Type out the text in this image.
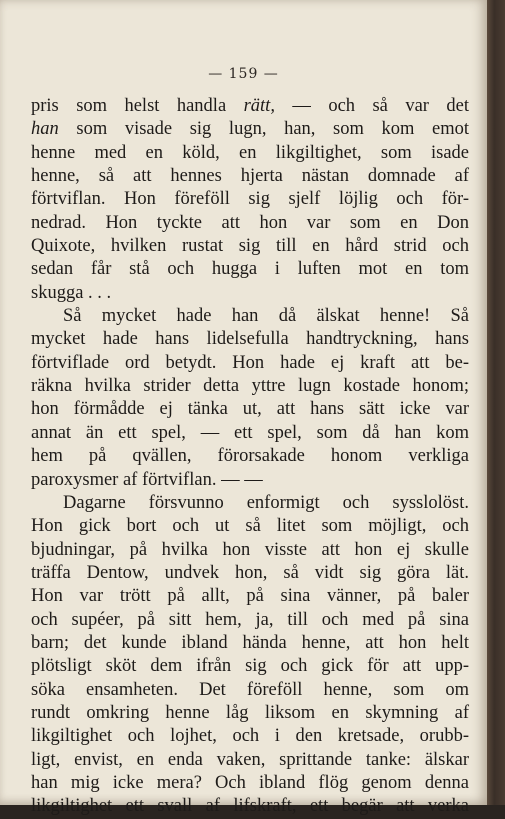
— 159 —
pris som helst handla rätt, — och så var det
han som visade sig lugn, han, som kom emot
henne med en köld, en likgiltighet, som isade
henne, så att hennes hjerta nästan domnade af
förtviflan. Hon föreföll sig sjelf löjlig och för-
nedrad. Hon tyckte att hon var som en Don
Quixote, hvilken rustat sig till en hård strid och
sedan får stå och hugga i luften mot en tom
skugga . . .
Så mycket hade han då älskat henne! Så
mycket hade hans lidelsefulla handtryckning, hans
förtviflade ord betydt. Hon hade ej kraft att be-
räkna hvilka strider detta yttre lugn kostade honom;
hon förmådde ej tänka ut, att hans sätt icke var
annat än ett spel, — ett spel, som då han kom
hem på qvällen, förorsakade honom verkliga
paroxysmer af förtviflan. — —
Dagarne försvunno enformigt och sysslolöst.
Hon gick bort och ut så litet som möjligt, och
bjudningar, på hvilka hon visste att hon ej skulle
träffa Dentow, undvek hon, så vidt sig göra lät.
Hon var trött på allt, på sina vänner, på baler
och supéer, på sitt hem, ja, till och med på sina
barn; det kunde ibland hända henne, att hon helt
plötsligt sköt dem ifrån sig och gick för att upp-
söka ensamheten. Det föreföll henne, som om
rundt omkring henne låg liksom en skymning af
likgiltighet och lojhet, och i den kretsade, orubb-
ligt, envist, en enda vaken, sprittande tanke: älskar
han mig icke mera? Och ibland flög genom denna
likgiltighet ett svall af lifskraft, ett begär att verka
